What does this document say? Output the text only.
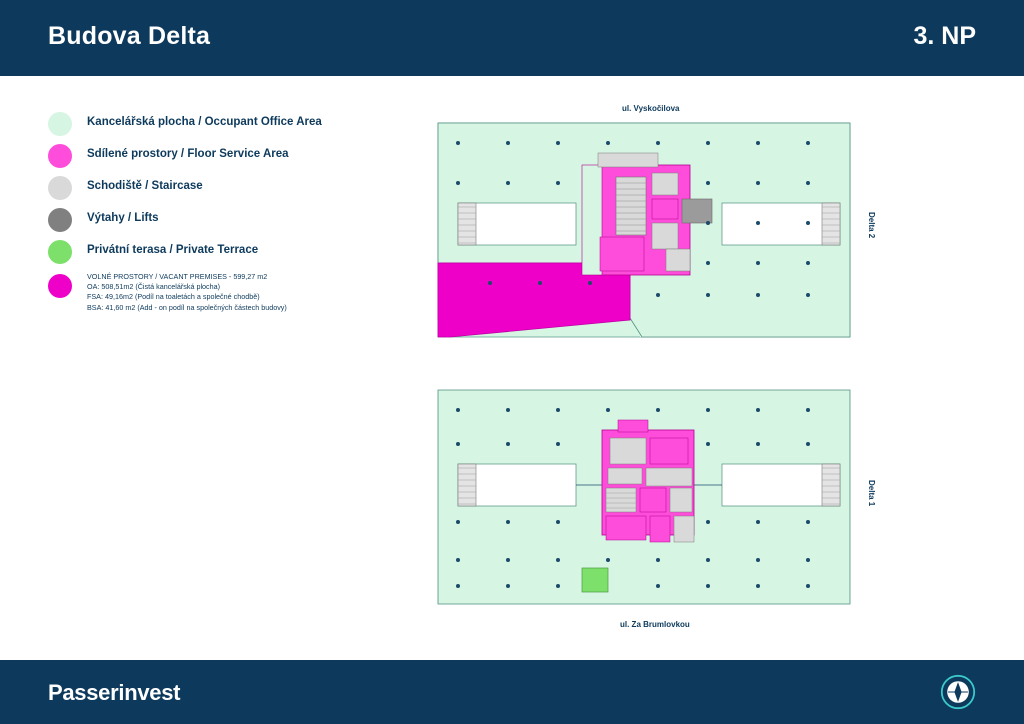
Budova Delta	3. NP
Kancelářská plocha / Occupant Office Area
Sdílené prostory / Floor Service Area
Schodiště / Staircase
Výtahy / Lifts
Privátní terasa / Private Terrace
VOLNÉ PROSTORY / VACANT PREMISES - 599,27 m2
OA: 508,51m2 (Čistá kancelářská plocha)
FSA: 49,16m2 (Podíl na toaletách a společné chodbě)
BSA: 41,60 m2 (Add - on podíl na společných částech budovy)
ul. Vyskočilova
Delta 2
ul. Za Brumlovkou
Delta 1
Passerinvest
